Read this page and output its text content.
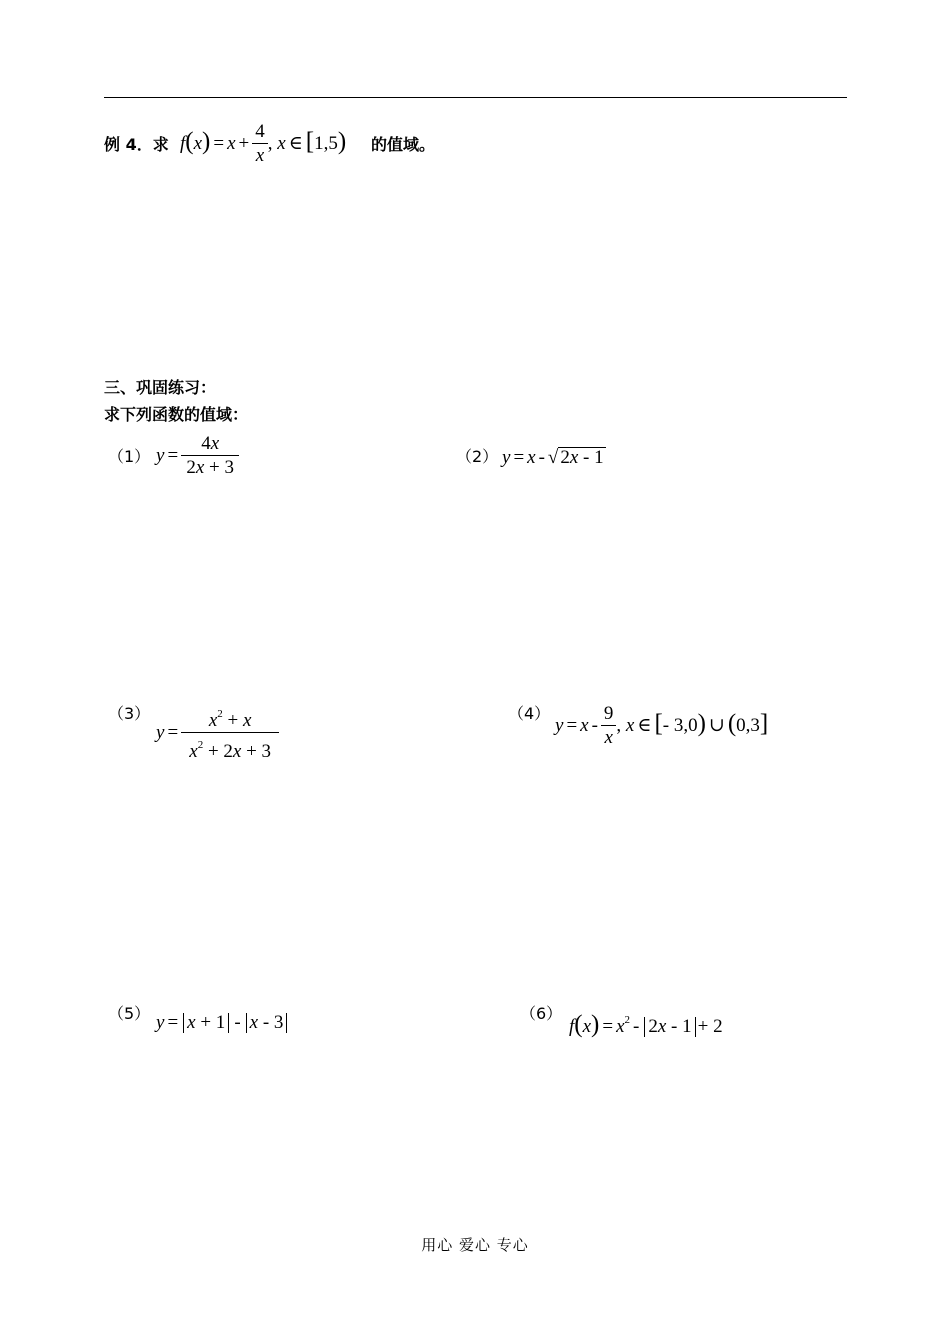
例 4．求 $f(x) = x + \frac{4}{x}$ , x ∈ [1,5) 的值域。
三、巩固练习：
求下列函数的值域：
（1） $y = \frac{4x}{2x + 3}$	（2） y = x - √ 2x - 1
（3）
$y = \frac{x^2 + x}{x^2 + 2x + 3}$	（4）
$y = x - \frac{9}{x}$ , x ∈ [- 3,0) ∪ (0,3]
（5） y = x + 1 - x - 3	（6）
$f(x) = x^2 - 2x - 1 + 2$
用心 爱心 专心
